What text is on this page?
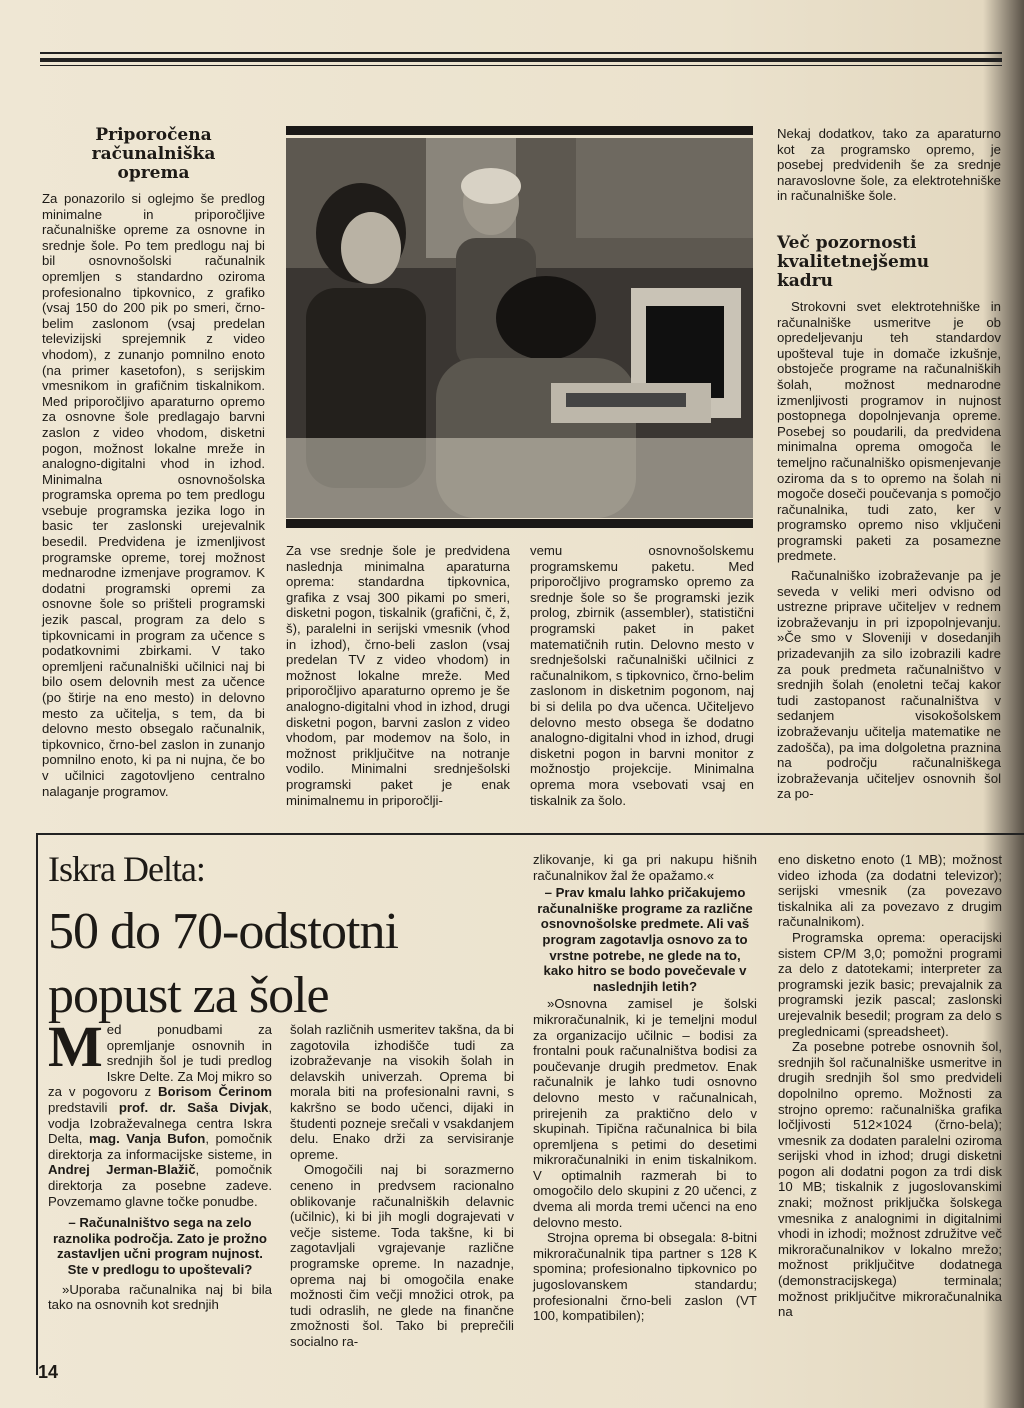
Priporočena
računalniška
oprema

Za ponazorilo si oglejmo še predlog minimalne in priporočljive računalniške opreme za osnovne in srednje šole. Po tem predlogu naj bi bil osnovnošolski računalnik opremljen s standardno oziroma profesionalno tipkovnico, z grafiko (vsaj 150 do 200 pik po smeri, črno-belim zaslonom (vsaj predelan televizijski sprejemnik z video vhodom), z zunanjo pomnilno enoto (na primer kasetofon), s serijskim vmesnikom in grafičnim tiskalnikom. Med priporočljivo aparaturno opremo za osnovne šole predlagajo barvni zaslon z video vhodom, disketni pogon, možnost lokalne mreže in analogno-digitalni vhod in izhod. Minimalna osnovnošolska programska oprema po tem predlogu vsebuje programska jezika logo in basic ter zaslonski urejevalnik besedil. Predvidena je izmenljivost programske opreme, torej možnost mednarodne izmenjave programov. K dodatni programski opremi za osnovne šole so prišteli programski jezik pascal, program za delo s tipkovnicami in program za učence s podatkovnimi zbirkami. V tako opremljeni računalniški učilnici naj bi bilo osem delovnih mest za učence (po štirje na eno mesto) in delovno mesto za učitelja, s tem, da bi delovno mesto obsegalo računalnik, tipkovnico, črno-bel zaslon in zunanjo pomnilno enoto, ki pa ni nujna, če bo v učilnici zagotovljeno centralno nalaganje programov.

Za vse srednje šole je predvidena naslednja minimalna aparaturna oprema: standardna tipkovnica, grafika z vsaj 300 pikami po smeri, disketni pogon, tiskalnik (grafični, č, ž, š), paralelni in serijski vmesnik (vhod in izhod), črno-beli zaslon (vsaj predelan TV z video vhodom) in možnost lokalne mreže. Med priporočljivo aparaturno opremo je še analogno-digitalni vhod in izhod, drugi disketni pogon, barvni zaslon z video vhodom, par modemov na šolo, in možnost priključitve na notranje vodilo. Minimalni srednješolski programski paket je enak minimalnemu in priporočlji-

vemu osnovnošolskemu programskemu paketu. Med priporočljivo programsko opremo za srednje šole so še programski jezik prolog, zbirnik (assembler), statistični programski paket in paket matematičnih rutin. Delovno mesto v srednješolski računalniški učilnici z računalnikom, s tipkovnico, črno-belim zaslonom in disketnim pogonom, naj bi si delila po dva učenca. Učiteljevo delovno mesto obsega še dodatno analogno-digitalni vhod in izhod, drugi disketni pogon in barvni monitor z možnostjo projekcije. Minimalna oprema mora vsebovati vsaj en tiskalnik za šolo.

Nekaj dodatkov, tako za aparaturno kot za programsko opremo, je posebej predvidenih še za srednje naravoslovne šole, za elektrotehniške in računalniške šole.

Več pozornosti
kvalitetnejšemu
kadru

Strokovni svet elektrotehniške in računalniške usmeritve je ob opredeljevanju teh standardov upošteval tuje in domače izkušnje, obstoječe programe na računalniških šolah, možnost mednarodne izmenljivosti programov in nujnost postopnega dopolnjevanja opreme. Posebej so poudarili, da predvidena minimalna oprema omogoča le temeljno računalniško opismenjevanje oziroma da s to opremo na šolah ni mogoče doseči poučevanja s pomočjo računalnika, tudi zato, ker v programsko opremo niso vključeni programski paketi za posamezne predmete.

Računalniško izobraževanje pa je seveda v veliki meri odvisno od ustrezne priprave učiteljev v rednem izobraževanju in pri izpopolnjevanju. »Če smo v Sloveniji v dosedanjih prizadevanjih za silo izobrazili kadre za pouk predmeta računalništvo v srednjih šolah (enoletni tečaj kakor tudi zastopanost računalništva v sedanjem visokošolskem izobraževanju učitelja matematike ne zadošča), pa ima dolgoletna praznina na področju računalniškega izobraževanja učiteljev osnovnih šol za po-

Iskra Delta:
50 do 70-odstotni
popust za šole

Med ponudbami za opremljanje osnovnih in srednjih šol je tudi predlog Iskre Delte. Za Moj mikro so za v pogovoru z Borisom Čerinom predstavili prof. dr. Saša Divjak, vodja Izobraževalnega centra Iskra Delta, mag. Vanja Bufon, pomočnik direktorja za informacijske sisteme, in Andrej Jerman-Blažič, pomočnik direktorja za posebne zadeve. Povzemamo glavne točke ponudbe.

– Računalništvo sega na zelo raznolika področja. Zato je prožno zastavljen učni program nujnost. Ste v predlogu to upoštevali?

»Uporaba računalnika naj bi bila tako na osnovnih kot srednjih

šolah različnih usmeritev takšna, da bi zagotovila izhodišče tudi za izobraževanje na visokih šolah in delavskih univerzah. Oprema bi morala biti na profesionalni ravni, s kakršno se bodo učenci, dijaki in študenti pozneje srečali v vsakdanjem delu. Enako drži za servisiranje opreme.

Omogočili naj bi sorazmerno ceneno in predvsem racionalno oblikovanje računalniških delavnic (učilnic), ki bi jih mogli dograjevati v večje sisteme. Toda takšne, ki bi zagotavljali vgrajevanje različne programske opreme. In nazadnje, oprema naj bi omogočila enake možnosti čim večji množici otrok, pa tudi odraslih, ne glede na finančne zmožnosti šol. Tako bi preprečili socialno ra-

zlikovanje, ki ga pri nakupu hišnih računalnikov žal že opažamo.«

– Prav kmalu lahko pričakujemo računalniške programe za različne osnovnošolske predmete. Ali vaš program zagotavlja osnovo za to vrstne potrebe, ne glede na to, kako hitro se bodo povečevale v naslednjih letih?

»Osnovna zamisel je šolski mikroračunalnik, ki je temeljni modul za organizacijo učilnic – bodisi za frontalni pouk računalništva bodisi za poučevanje drugih predmetov. Enak računalnik je lahko tudi osnovno delovno mesto v računalnicah, prirejenih za praktično delo v skupinah. Tipična računalnica bi bila opremljena s petimi do desetimi mikroračunalniki in enim tiskalnikom. V optimalnih razmerah bi to omogočilo delo skupini z 20 učenci, z dvema ali morda tremi učenci na eno delovno mesto.

Strojna oprema bi obsegala: 8-bitni mikroračunalnik tipa partner s 128 K spomina; profesionalno tipkovnico po jugoslovanskem standardu; profesionalni črno-beli zaslon (VT 100, kompatibilen);

eno disketno enoto (1 MB); možnost video izhoda (za dodatni televizor); serijski vmesnik (za povezavo tiskalnika ali za povezavo z drugim računalnikom).

Programska oprema: operacijski sistem CP/M 3,0; pomožni programi za delo z datotekami; interpreter za programski jezik basic; prevajalnik za programski jezik pascal; zaslonski urejevalnik besedil; program za delo s preglednicami (spreadsheet).

Za posebne potrebe osnovnih šol, srednjih šol računalniške usmeritve in drugih srednjih šol smo predvideli dopolnilno opremo. Možnosti za strojno opremo: računalniška grafika ločljivosti 512×1024 (črno-bela); vmesnik za dodaten paralelni oziroma serijski vhod in izhod; drugi disketni pogon ali dodatni pogon za trdi disk 10 MB; tiskalnik z jugoslovanskimi znaki; možnost priključka šolskega vmesnika z analognimi in digitalnimi vhodi in izhodi; možnost združitve več mikroračunalnikov v lokalno mrežo; možnost priključitve dodatnega (demonstracijskega) terminala; možnost priključitve mikroračunalnika na

14
